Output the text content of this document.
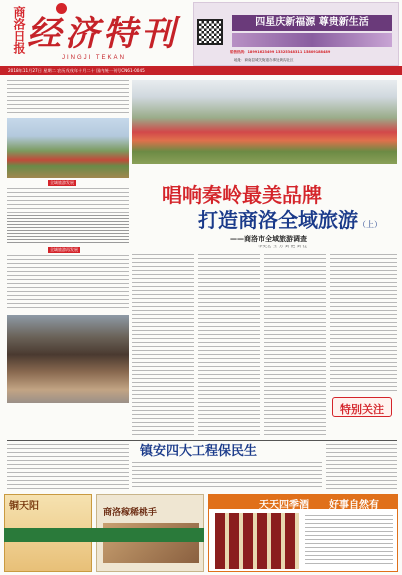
商洛日报 经济特刊
JINGJI TEKAN
2018年11月27日 星期二 农历戊戌年十月二十 国内统一刊号CN61-0045
四星庆新福源 尊贵新生活
销售热线：18991623499 13325348311 15809188489
地址：商南县城关街道办事处黄沟社区
全域旅游发展
全域旅游再发展
唱响秦岭最美品牌
打造商洛全域旅游（上）
——商洛市全域旅游调查
李更宏 王 芳 刘 艳 刘 佳
特别关注
镇安四大工程保民生
铜天阳
商洛稼稀桃手
天天四季酒 好事自然有
